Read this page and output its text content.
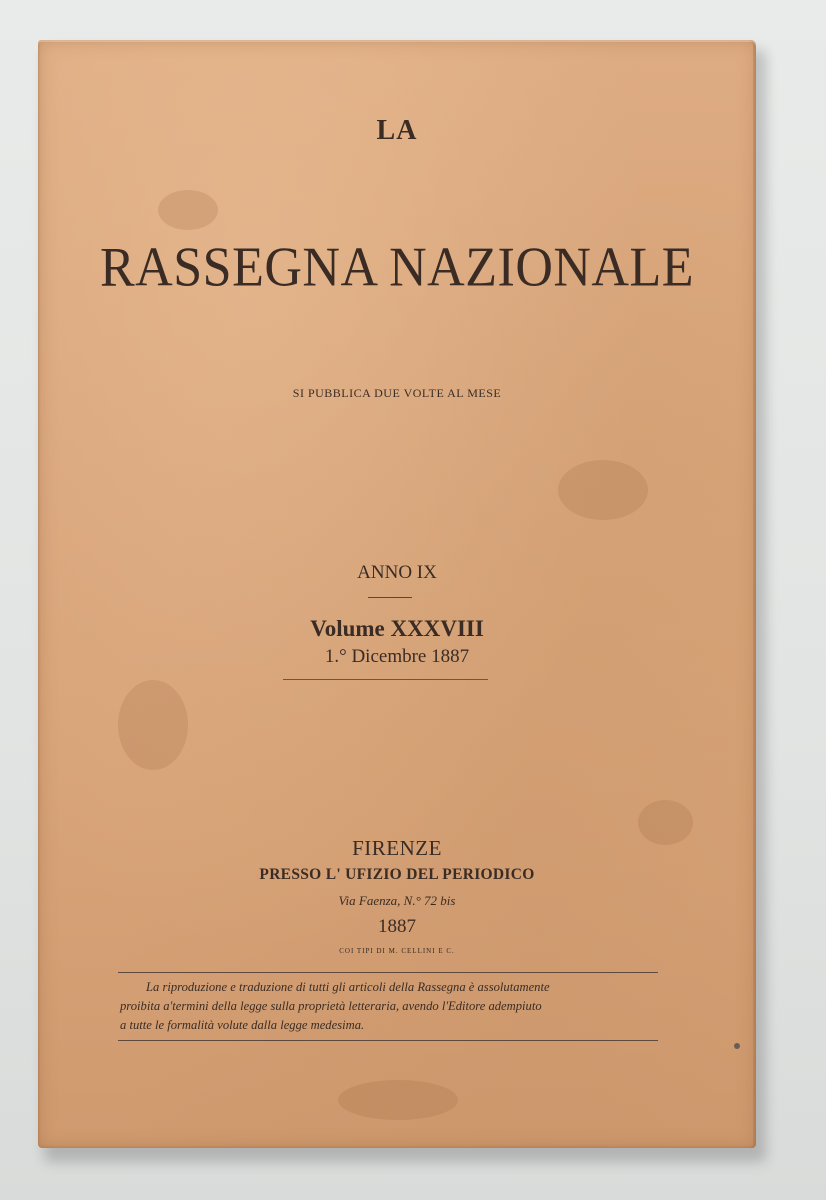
LA
RASSEGNA NAZIONALE
SI PUBBLICA DUE VOLTE AL MESE
ANNO IX
Volume XXXVIII
1.° Dicembre 1887
FIRENZE
PRESSO L' UFIZIO DEL PERIODICO
Via Faenza, N.° 72 bis
1887
COI TIPI DI M. CELLINI E C.
La riproduzione e traduzione di tutti gli articoli della Rassegna è assolutamente
proibita a'termini della legge sulla proprietà letteraria, avendo l'Editore adempiuto
a tutte le formalità volute dalla legge medesima.
